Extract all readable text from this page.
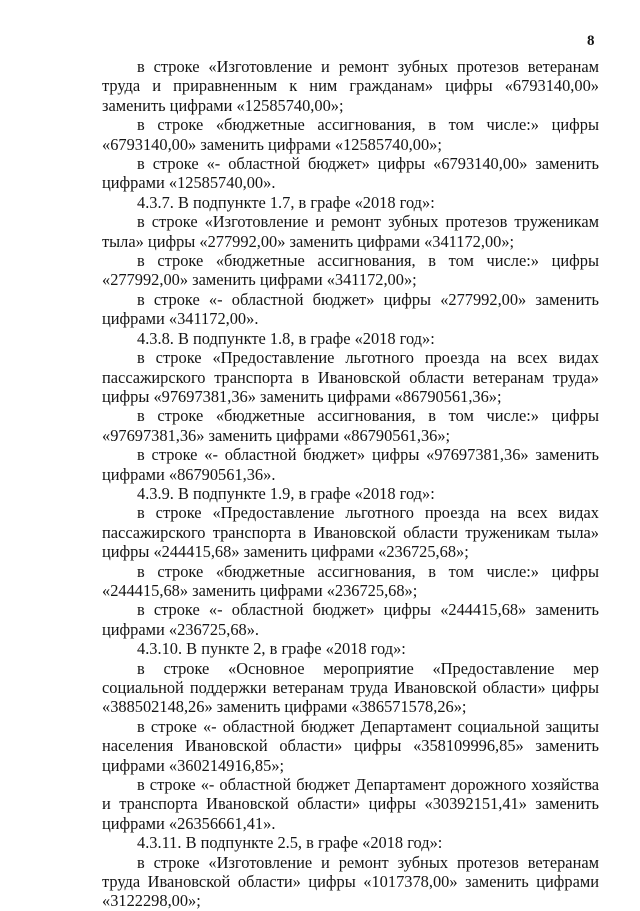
8

в строке «Изготовление и ремонт зубных протезов ветеранам труда и приравненным к ним гражданам» цифры «6793140,00» заменить цифрами «12585740,00»;

в строке «бюджетные ассигнования, в том числе:» цифры «6793140,00» заменить цифрами «12585740,00»;

в строке «- областной бюджет» цифры «6793140,00» заменить цифрами «12585740,00».

4.3.7. В подпункте 1.7, в графе «2018 год»:

в строке «Изготовление и ремонт зубных протезов труженикам тыла» цифры «277992,00» заменить цифрами «341172,00»;

в строке «бюджетные ассигнования, в том числе:» цифры «277992,00» заменить цифрами «341172,00»;

в строке «- областной бюджет» цифры «277992,00» заменить цифрами «341172,00».

4.3.8. В подпункте 1.8, в графе «2018 год»:

в строке «Предоставление льготного проезда на всех видах пассажирского транспорта в Ивановской области ветеранам труда» цифры «97697381,36» заменить цифрами «86790561,36»;

в строке «бюджетные ассигнования, в том числе:» цифры «97697381,36» заменить цифрами «86790561,36»;

в строке «- областной бюджет» цифры «97697381,36» заменить цифрами «86790561,36».

4.3.9. В подпункте 1.9, в графе «2018 год»:

в строке «Предоставление льготного проезда на всех видах пассажирского транспорта в Ивановской области труженикам тыла» цифры «244415,68» заменить цифрами «236725,68»;

в строке «бюджетные ассигнования, в том числе:» цифры «244415,68» заменить цифрами «236725,68»;

в строке «- областной бюджет» цифры «244415,68» заменить цифрами «236725,68».

4.3.10. В пункте 2, в графе «2018 год»:

в строке «Основное мероприятие «Предоставление мер социальной поддержки ветеранам труда Ивановской области» цифры «388502148,26» заменить цифрами «386571578,26»;

в строке «- областной бюджет Департамент социальной защиты населения Ивановской области» цифры «358109996,85» заменить цифрами «360214916,85»;

в строке «- областной бюджет Департамент дорожного хозяйства и транспорта Ивановской области» цифры «30392151,41» заменить цифрами «26356661,41».

4.3.11. В подпункте 2.5, в графе «2018 год»:

в строке «Изготовление и ремонт зубных протезов ветеранам труда Ивановской области» цифры «1017378,00» заменить цифрами «3122298,00»;
